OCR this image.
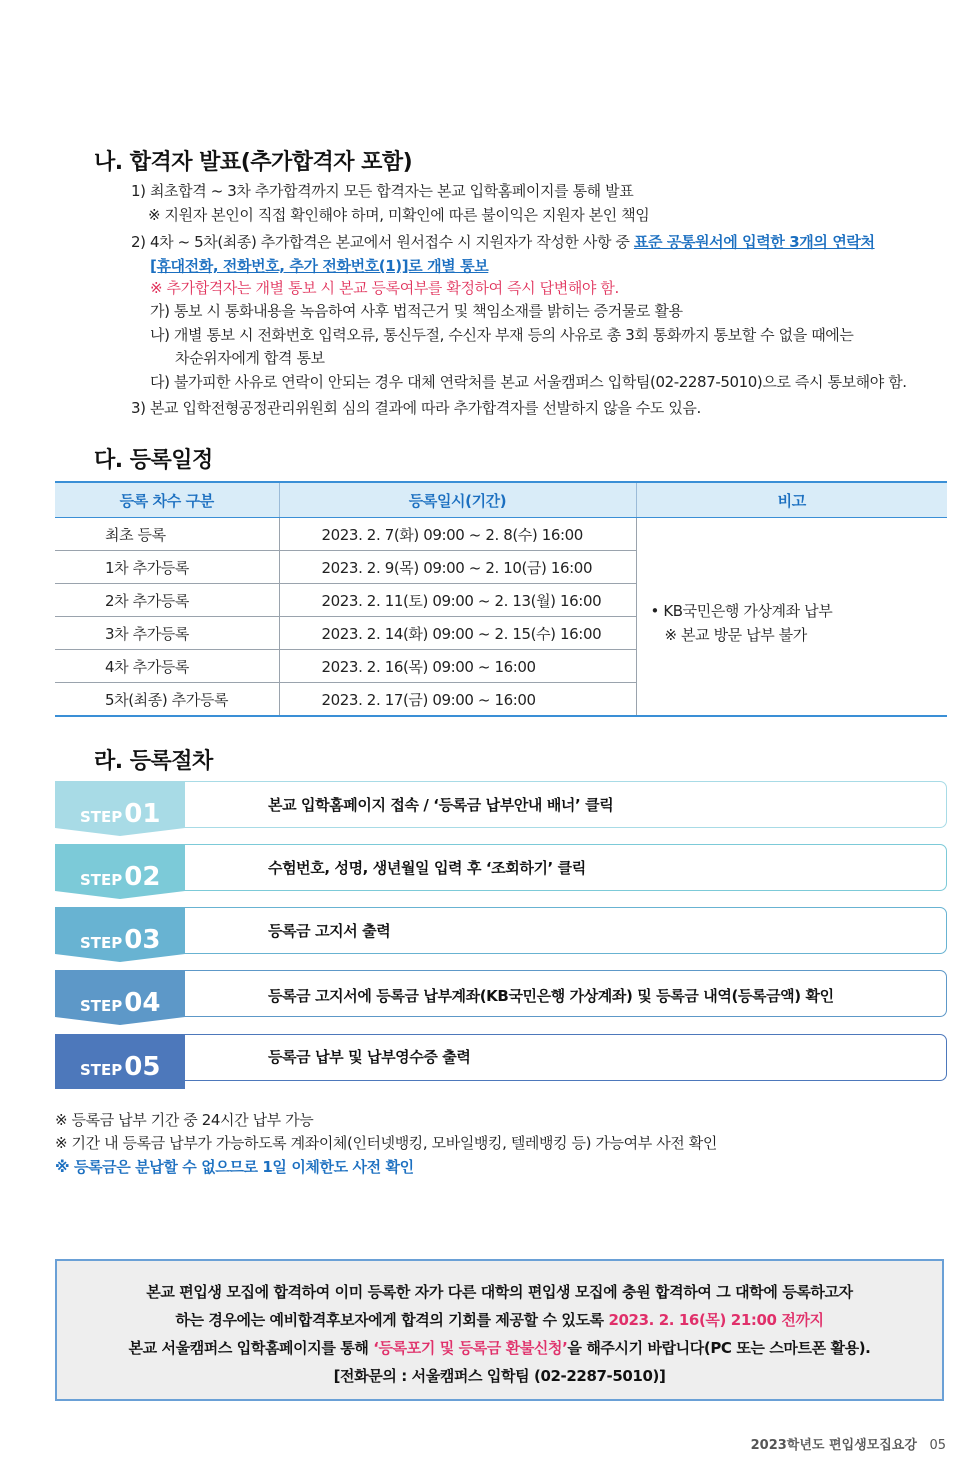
나. 합격자 발표(추가합격자 포함)
1) 최초합격 ~ 3차 추가합격까지 모든 합격자는 본교 입학홈페이지를 통해 발표
※ 지원자 본인이 직접 확인해야 하며, 미확인에 따른 불이익은 지원자 본인 책임
2) 4차 ~ 5차(최종) 추가합격은 본교에서 원서접수 시 지원자가 작성한 사항 중 표준 공통원서에 입력한 3개의 연락처
[휴대전화, 전화번호, 추가 전화번호(1)]로 개별 통보
※ 추가합격자는 개별 통보 시 본교 등록여부를 확정하여 즉시 답변해야 함.
가) 통보 시 통화내용을 녹음하여 사후 법적근거 및 책임소재를 밝히는 증거물로 활용
나) 개별 통보 시 전화번호 입력오류, 통신두절, 수신자 부재 등의 사유로 총 3회 통화까지 통보할 수 없을 때에는
차순위자에게 합격 통보
다) 불가피한 사유로 연락이 안되는 경우 대체 연락처를 본교 서울캠퍼스 입학팀(02-2287-5010)으로 즉시 통보해야 함.
3) 본교 입학전형공정관리위원회 심의 결과에 따라 추가합격자를 선발하지 않을 수도 있음.
다. 등록일정
등록 차수 구분	등록일시(기간)	비고
최초 등록	2023. 2. 7(화) 09:00 ~ 2. 8(수) 16:00	• KB국민은행 가상계좌 납부
※ 본교 방문 납부 불가

1차 추가등록	2023. 2. 9(목) 09:00 ~ 2. 10(금) 16:00	
2차 추가등록	2023. 2. 11(토) 09:00 ~ 2. 13(월) 16:00	
3차 추가등록	2023. 2. 14(화) 09:00 ~ 2. 15(수) 16:00	
4차 추가등록	2023. 2. 16(목) 09:00 ~ 16:00	
5차(최종) 추가등록	2023. 2. 17(금) 09:00 ~ 16:00	
라. 등록절차
STEP01	본교 입학홈페이지 접속 / ‘등록금 납부안내 배너’ 클릭
STEP02	수험번호, 성명, 생년월일 입력 후 ‘조회하기’ 클릭
STEP03	등록금 고지서 출력
STEP04	등록금 고지서에 등록금 납부계좌(KB국민은행 가상계좌) 및 등록금 내역(등록금액) 확인
STEP05	등록금 납부 및 납부영수증 출력
※ 등록금 납부 기간 중 24시간 납부 가능
※ 기간 내 등록금 납부가 가능하도록 계좌이체(인터넷뱅킹, 모바일뱅킹, 텔레뱅킹 등) 가능여부 사전 확인
※ 등록금은 분납할 수 없으므로 1일 이체한도 사전 확인
본교 편입생 모집에 합격하여 이미 등록한 자가 다른 대학의 편입생 모집에 충원 합격하여 그 대학에 등록하고자
하는 경우에는 예비합격후보자에게 합격의 기회를 제공할 수 있도록 2023. 2. 16(목) 21:00 전까지
본교 서울캠퍼스 입학홈페이지를 통해 ‘등록포기 및 등록금 환불신청’을 해주시기 바랍니다(PC 또는 스마트폰 활용).
[전화문의 : 서울캠퍼스 입학팀 (02-2287-5010)]
2023학년도 편입생모집요강 05
